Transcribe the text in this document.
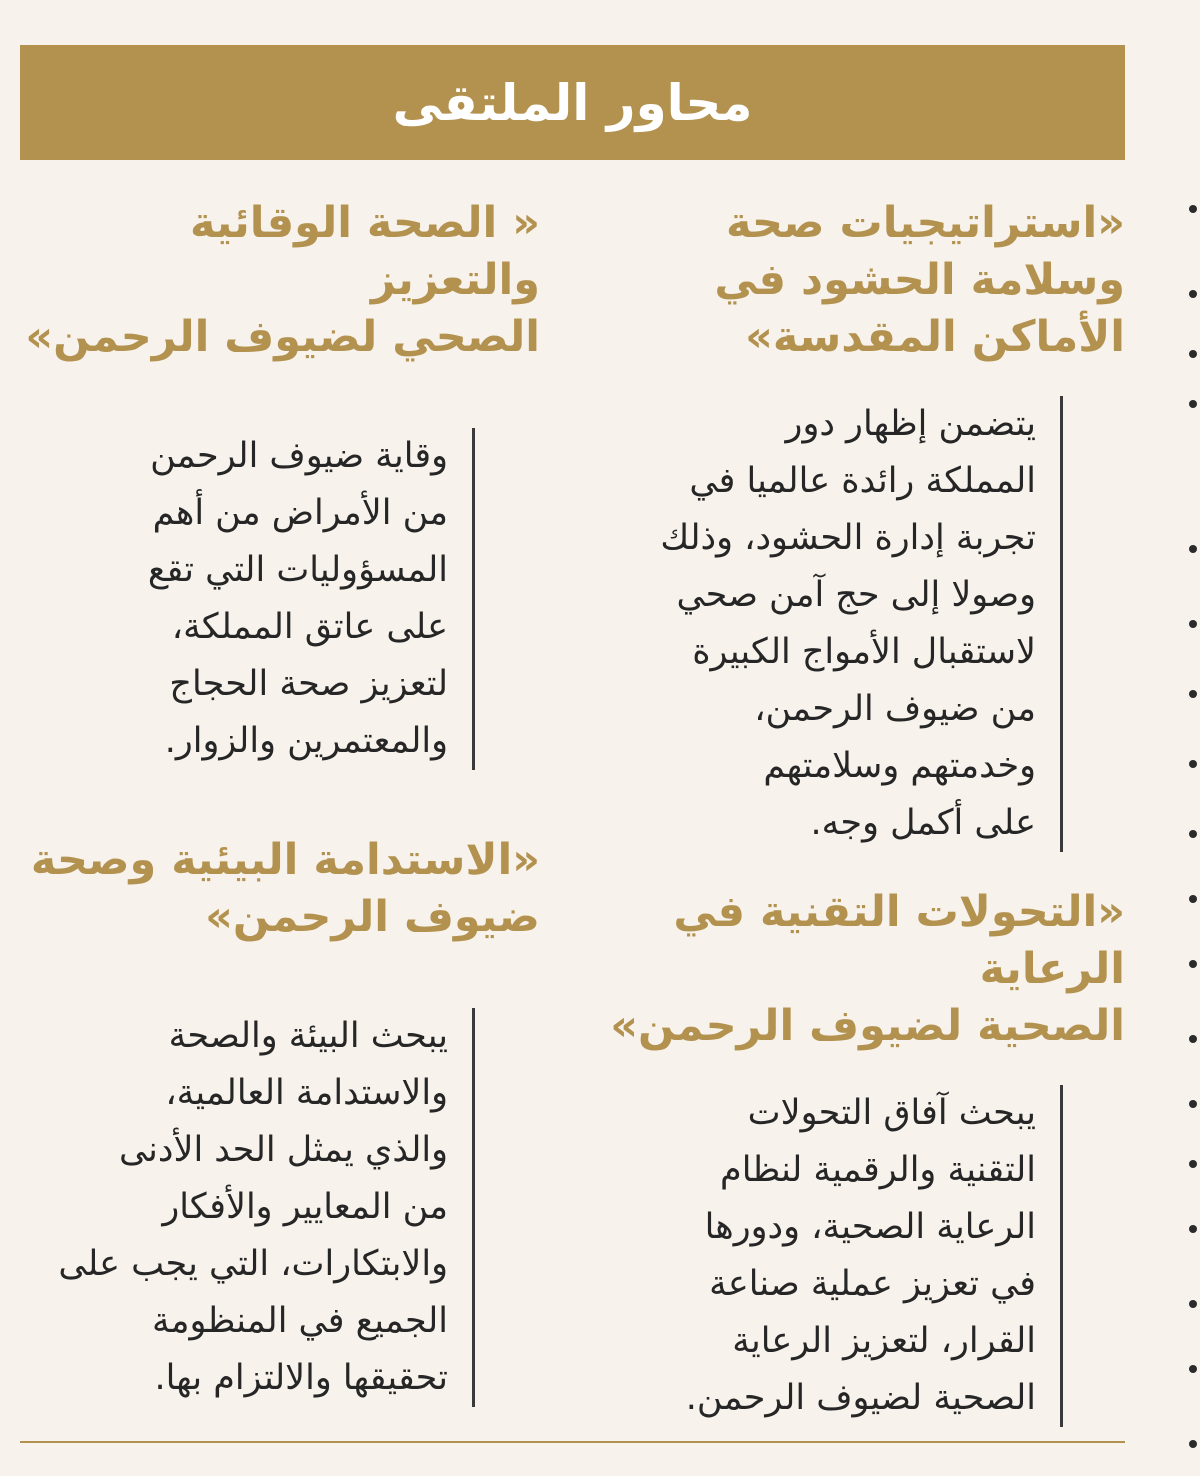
محاور الملتقى
«استراتيجيات صحة
وسلامة الحشود في
الأماكن المقدسة»
يتضمن إظهار دور
المملكة رائدة عالميا في
تجربة إدارة الحشود، وذلك
وصولا إلى حج آمن صحي
لاستقبال الأمواج الكبيرة
من ضيوف الرحمن،
وخدمتهم وسلامتهم
على أكمل وجه.
«التحولات التقنية في الرعاية
الصحية لضيوف الرحمن»
يبحث آفاق التحولات
التقنية والرقمية لنظام
الرعاية الصحية، ودورها
في تعزيز عملية صناعة
القرار، لتعزيز الرعاية
الصحية لضيوف الرحمن.
« الصحة الوقائية والتعزيز
الصحي لضيوف الرحمن»
وقاية ضيوف الرحمن
من الأمراض من أهم
المسؤوليات التي تقع
على عاتق المملكة،
لتعزيز صحة الحجاج
والمعتمرين والزوار.
«الاستدامة البيئية وصحة
ضيوف الرحمن»
يبحث البيئة والصحة
والاستدامة العالمية،
والذي يمثل الحد الأدنى
من المعايير والأفكار
والابتكارات، التي يجب على
الجميع في المنظومة
تحقيقها والالتزام بها.
